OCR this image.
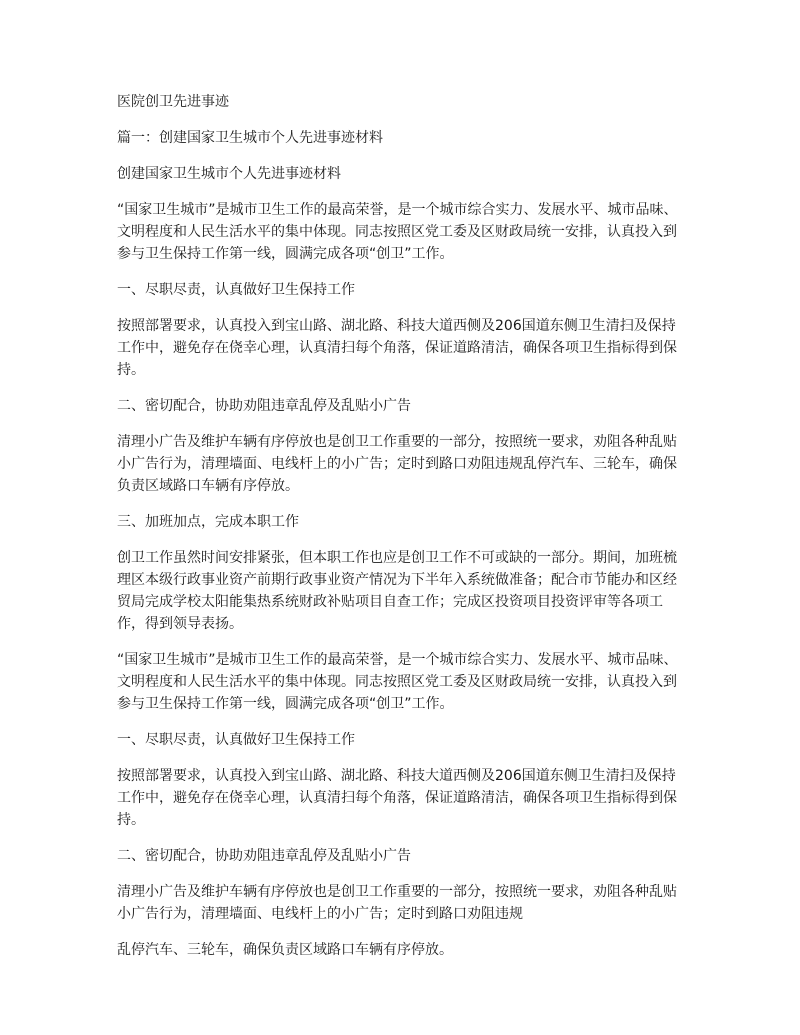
医院创卫先进事迹

篇一：创建国家卫生城市个人先进事迹材料

创建国家卫生城市个人先进事迹材料

“国家卫生城市”是城市卫生工作的最高荣誉，是一个城市综合实力、发展水平、城市品味、文明程度和人民生活水平的集中体现。同志按照区党工委及区财政局统一安排，认真投入到参与卫生保持工作第一线，圆满完成各项“创卫”工作。

一、尽职尽责，认真做好卫生保持工作

按照部署要求，认真投入到宝山路、湖北路、科技大道西侧及206国道东侧卫生清扫及保持工作中，避免存在侥幸心理，认真清扫每个角落，保证道路清洁，确保各项卫生指标得到保持。

二、密切配合，协助劝阻违章乱停及乱贴小广告

清理小广告及维护车辆有序停放也是创卫工作重要的一部分，按照统一要求，劝阻各种乱贴小广告行为，清理墙面、电线杆上的小广告；定时到路口劝阻违规乱停汽车、三轮车，确保负责区域路口车辆有序停放。

三、加班加点，完成本职工作

创卫工作虽然时间安排紧张，但本职工作也应是创卫工作不可或缺的一部分。期间，加班梳理区本级行政事业资产前期行政事业资产情况为下半年入系统做准备；配合市节能办和区经贸局完成学校太阳能集热系统财政补贴项目自查工作；完成区投资项目投资评审等各项工作，得到领导表扬。

“国家卫生城市”是城市卫生工作的最高荣誉，是一个城市综合实力、发展水平、城市品味、文明程度和人民生活水平的集中体现。同志按照区党工委及区财政局统一安排，认真投入到参与卫生保持工作第一线，圆满完成各项“创卫”工作。

一、尽职尽责，认真做好卫生保持工作

按照部署要求，认真投入到宝山路、湖北路、科技大道西侧及206国道东侧卫生清扫及保持工作中，避免存在侥幸心理，认真清扫每个角落，保证道路清洁，确保各项卫生指标得到保持。

二、密切配合，协助劝阻违章乱停及乱贴小广告

清理小广告及维护车辆有序停放也是创卫工作重要的一部分，按照统一要求，劝阻各种乱贴小广告行为，清理墙面、电线杆上的小广告；定时到路口劝阻违规

乱停汽车、三轮车，确保负责区域路口车辆有序停放。
